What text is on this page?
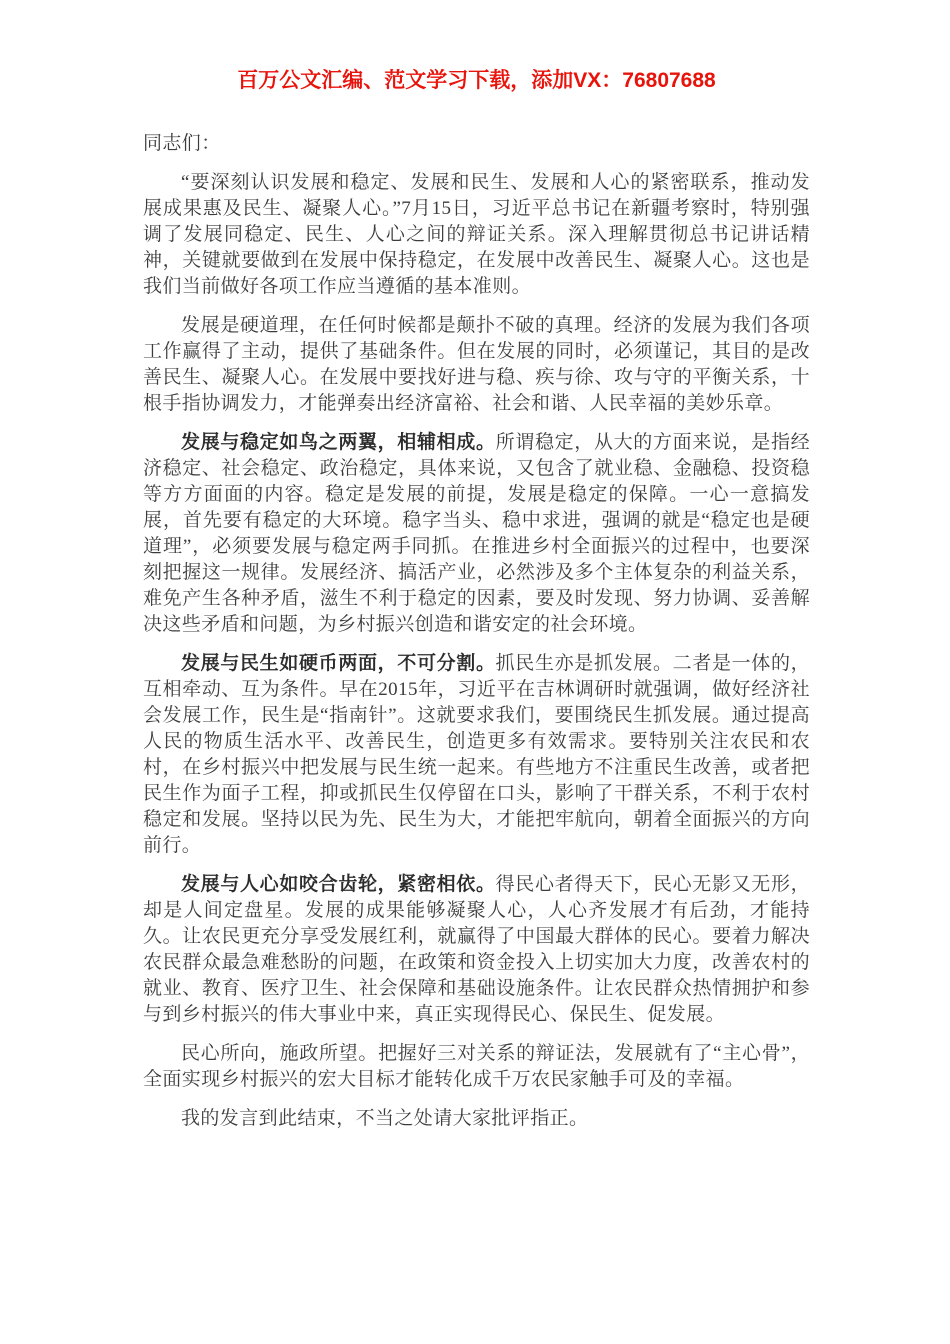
百万公文汇编、范文学习下载，添加VX：76807688

同志们：

“要深刻认识发展和稳定、发展和民生、发展和人心的紧密联系，推动发展成果惠及民生、凝聚人心。”7月15日，习近平总书记在新疆考察时，特别强调了发展同稳定、民生、人心之间的辩证关系。深入理解贯彻总书记讲话精神，关键就要做到在发展中保持稳定，在发展中改善民生、凝聚人心。这也是我们当前做好各项工作应当遵循的基本准则。

发展是硬道理，在任何时候都是颠扑不破的真理。经济的发展为我们各项工作赢得了主动，提供了基础条件。但在发展的同时，必须谨记，其目的是改善民生、凝聚人心。在发展中要找好进与稳、疾与徐、攻与守的平衡关系，十根手指协调发力，才能弹奏出经济富裕、社会和谐、人民幸福的美妙乐章。

发展与稳定如鸟之两翼，相辅相成。所谓稳定，从大的方面来说，是指经济稳定、社会稳定、政治稳定，具体来说，又包含了就业稳、金融稳、投资稳等方方面面的内容。稳定是发展的前提，发展是稳定的保障。一心一意搞发展，首先要有稳定的大环境。稳字当头、稳中求进，强调的就是“稳定也是硬道理”，必须要发展与稳定两手同抓。在推进乡村全面振兴的过程中，也要深刻把握这一规律。发展经济、搞活产业，必然涉及多个主体复杂的利益关系，难免产生各种矛盾，滋生不利于稳定的因素，要及时发现、努力协调、妥善解决这些矛盾和问题，为乡村振兴创造和谐安定的社会环境。

发展与民生如硬币两面，不可分割。抓民生亦是抓发展。二者是一体的，互相牵动、互为条件。早在2015年，习近平在吉林调研时就强调，做好经济社会发展工作，民生是“指南针”。这就要求我们，要围绕民生抓发展。通过提高人民的物质生活水平、改善民生，创造更多有效需求。要特别关注农民和农村，在乡村振兴中把发展与民生统一起来。有些地方不注重民生改善，或者把民生作为面子工程，抑或抓民生仅停留在口头，影响了干群关系，不利于农村稳定和发展。坚持以民为先、民生为大，才能把牢航向，朝着全面振兴的方向前行。

发展与人心如咬合齿轮，紧密相依。得民心者得天下，民心无影又无形，却是人间定盘星。发展的成果能够凝聚人心，人心齐发展才有后劲，才能持久。让农民更充分享受发展红利，就赢得了中国最大群体的民心。要着力解决农民群众最急难愁盼的问题，在政策和资金投入上切实加大力度，改善农村的就业、教育、医疗卫生、社会保障和基础设施条件。让农民群众热情拥护和参与到乡村振兴的伟大事业中来，真正实现得民心、保民生、促发展。

民心所向，施政所望。把握好三对关系的辩证法，发展就有了“主心骨”，全面实现乡村振兴的宏大目标才能转化成千万农民家触手可及的幸福。

我的发言到此结束，不当之处请大家批评指正。
